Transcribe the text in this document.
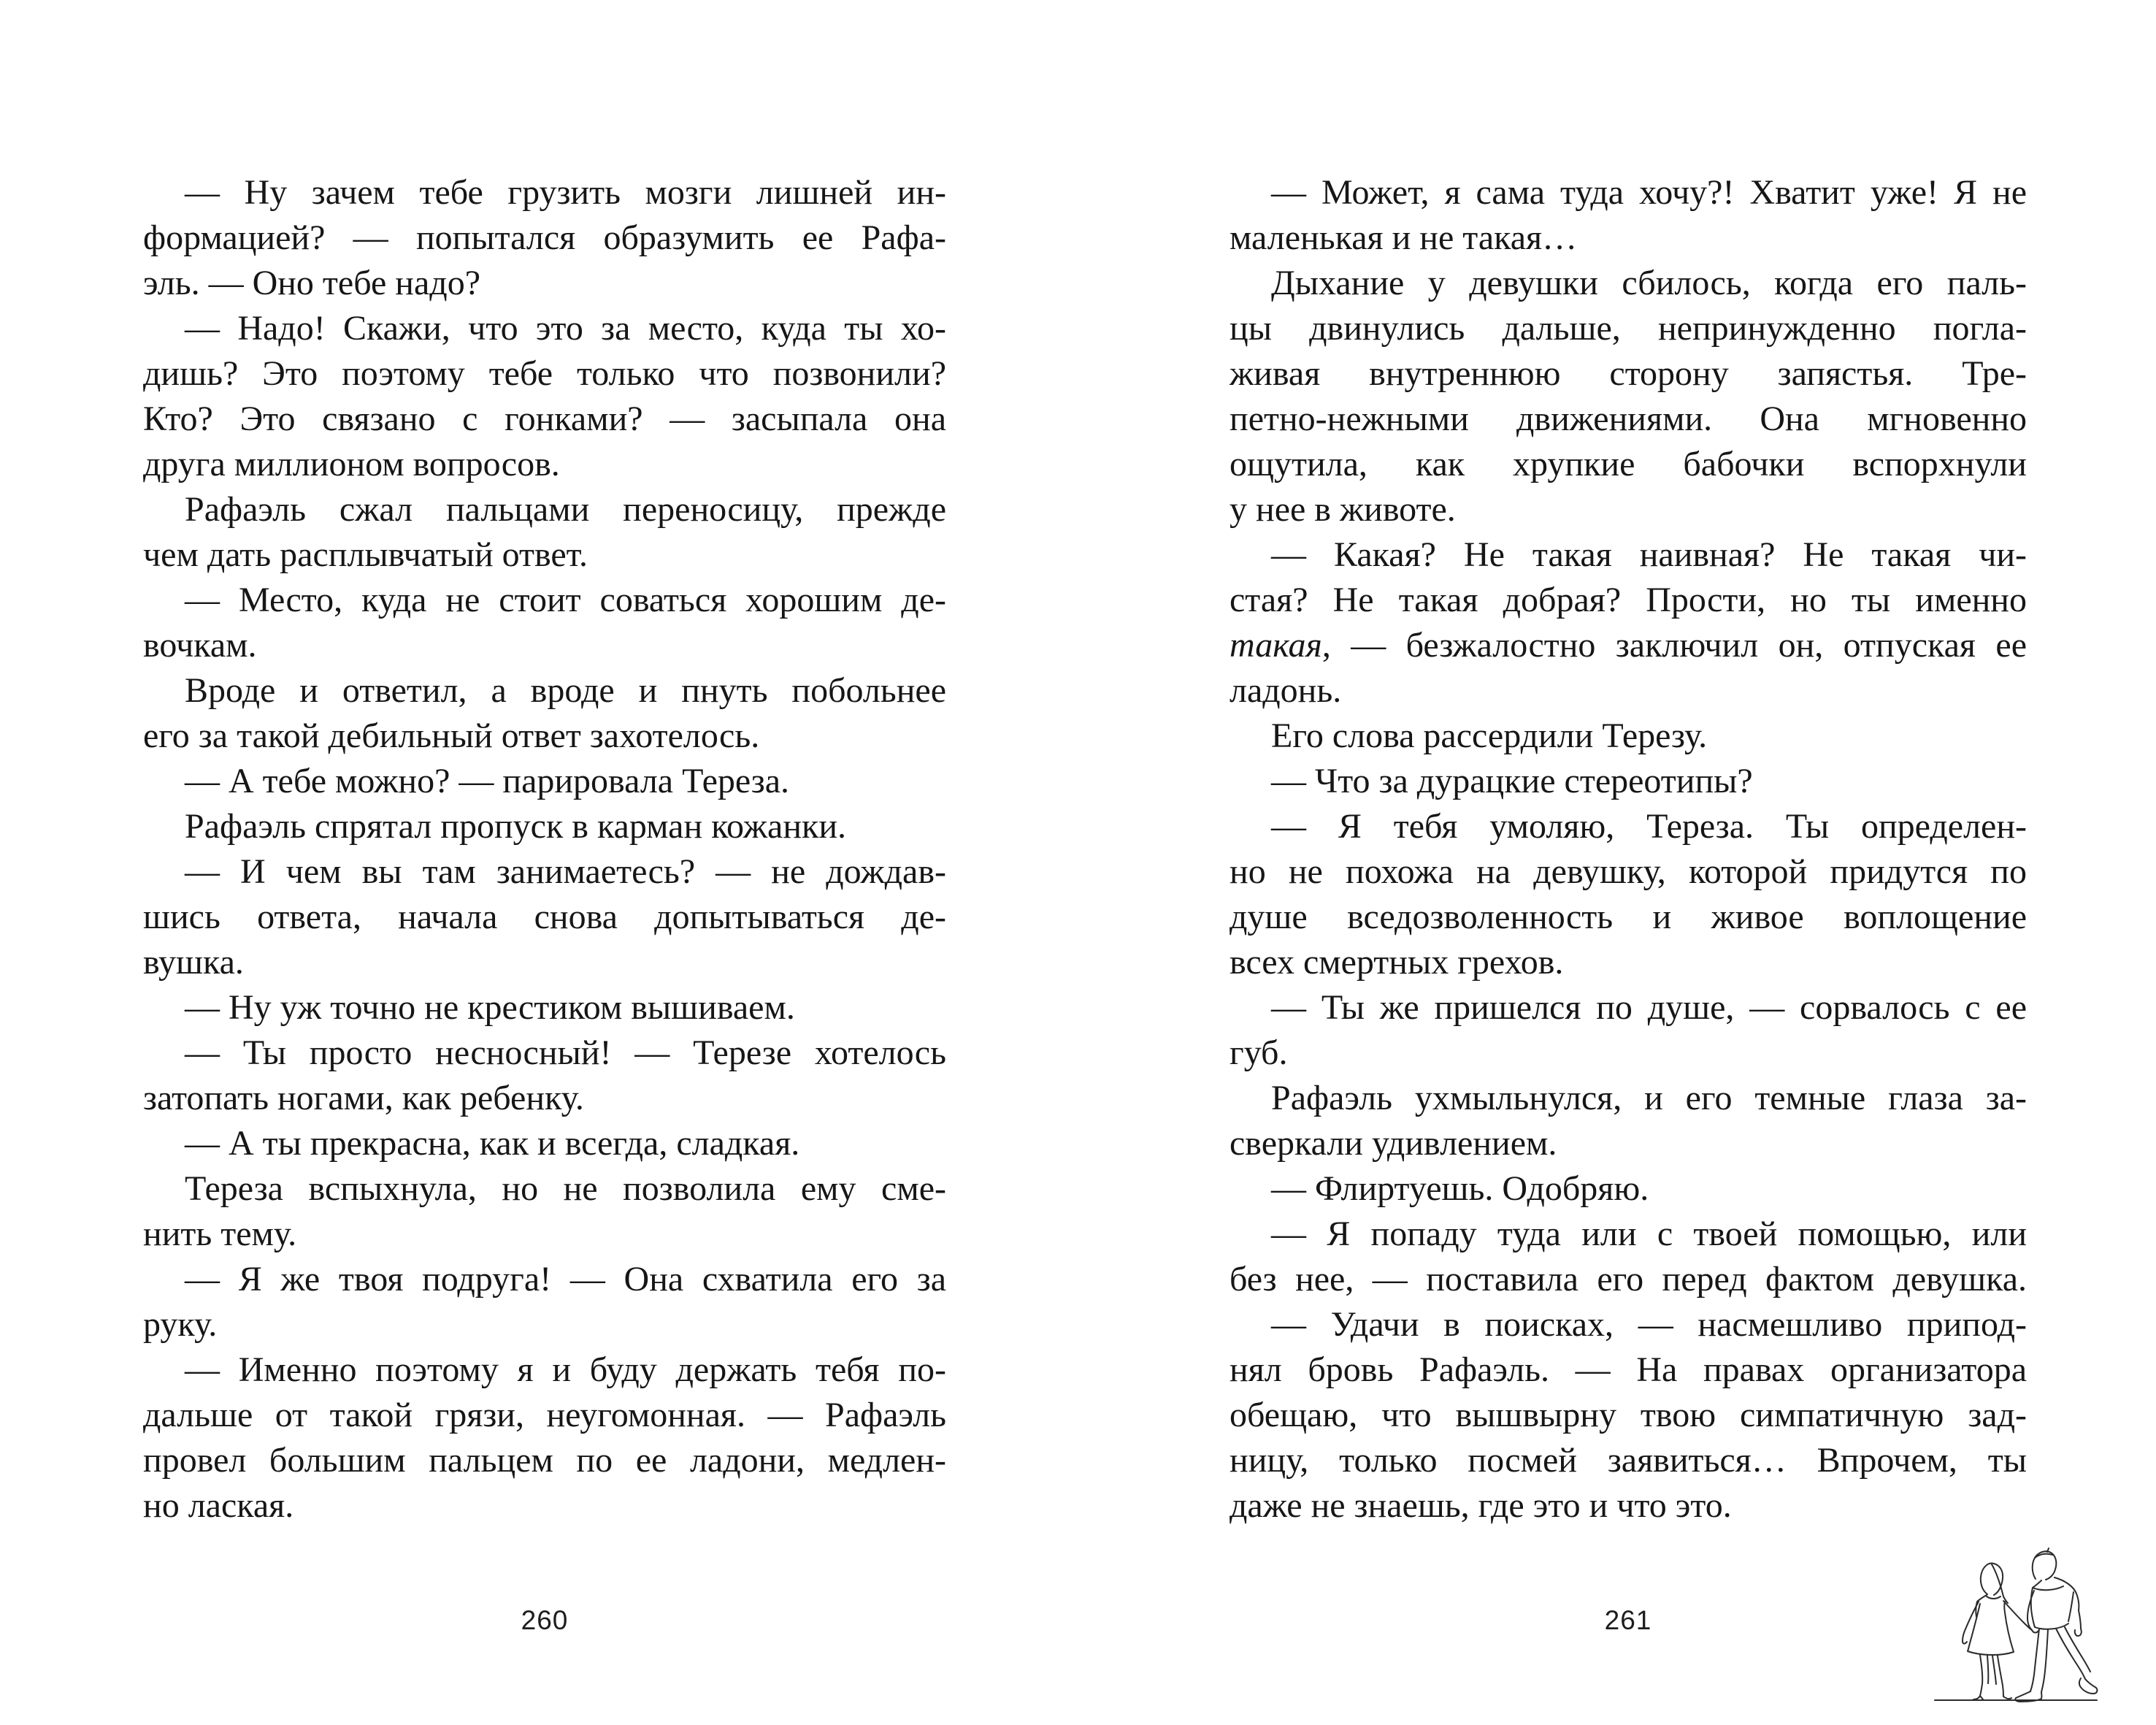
— Ну зачем тебе грузить мозги лишней ин-
формацией? — попытался образумить ее Рафа-
эль. — Оно тебе надо?
— Надо! Скажи, что это за место, куда ты хо-
дишь? Это поэтому тебе только что позвонили?
Кто? Это связано с гонками? — засыпала она
друга миллионом вопросов.
Рафаэль сжал пальцами переносицу, прежде
чем дать расплывчатый ответ.
— Место, куда не стоит соваться хорошим де-
вочкам.
Вроде и ответил, а вроде и пнуть побольнее
его за такой дебильный ответ захотелось.
— А тебе можно? — парировала Тереза.
Рафаэль спрятал пропуск в карман кожанки.
— И чем вы там занимаетесь? — не дождав-
шись ответа, начала снова допытываться де-
вушка.
— Ну уж точно не крестиком вышиваем.
— Ты просто несносный! — Терезе хотелось
затопать ногами, как ребенку.
— А ты прекрасна, как и всегда, сладкая.
Тереза вспыхнула, но не позволила ему сме-
нить тему.
— Я же твоя подруга! — Она схватила его за
руку.
— Именно поэтому я и буду держать тебя по-
дальше от такой грязи, неугомонная. — Рафаэль
провел большим пальцем по ее ладони, медлен-
но лаская.
260
— Может, я сама туда хочу?! Хватит уже! Я не
маленькая и не такая…
Дыхание у девушки сбилось, когда его паль-
цы двинулись дальше, непринужденно погла-
живая внутреннюю сторону запястья. Тре-
петно-нежными движениями. Она мгновенно
ощутила, как хрупкие бабочки вспорхнули
у нее в животе.
— Какая? Не такая наивная? Не такая чи-
стая? Не такая добрая? Прости, но ты именно
такая, — безжалостно заключил он, отпуская ее
ладонь.
Его слова рассердили Терезу.
— Что за дурацкие стереотипы?
— Я тебя умоляю, Тереза. Ты определен-
но не похожа на девушку, которой придутся по
душе вседозволенность и живое воплощение
всех смертных грехов.
— Ты же пришелся по душе, — сорвалось с ее
губ.
Рафаэль ухмыльнулся, и его темные глаза за-
сверкали удивлением.
— Флиртуешь. Одобряю.
— Я попаду туда или с твоей помощью, или
без нее, — поставила его перед фактом девушка.
— Удачи в поисках, — насмешливо припод-
нял бровь Рафаэль. — На правах организатора
обещаю, что вышвырну твою симпатичную зад-
ницу, только посмей заявиться… Впрочем, ты
даже не знаешь, где это и что это.
261
